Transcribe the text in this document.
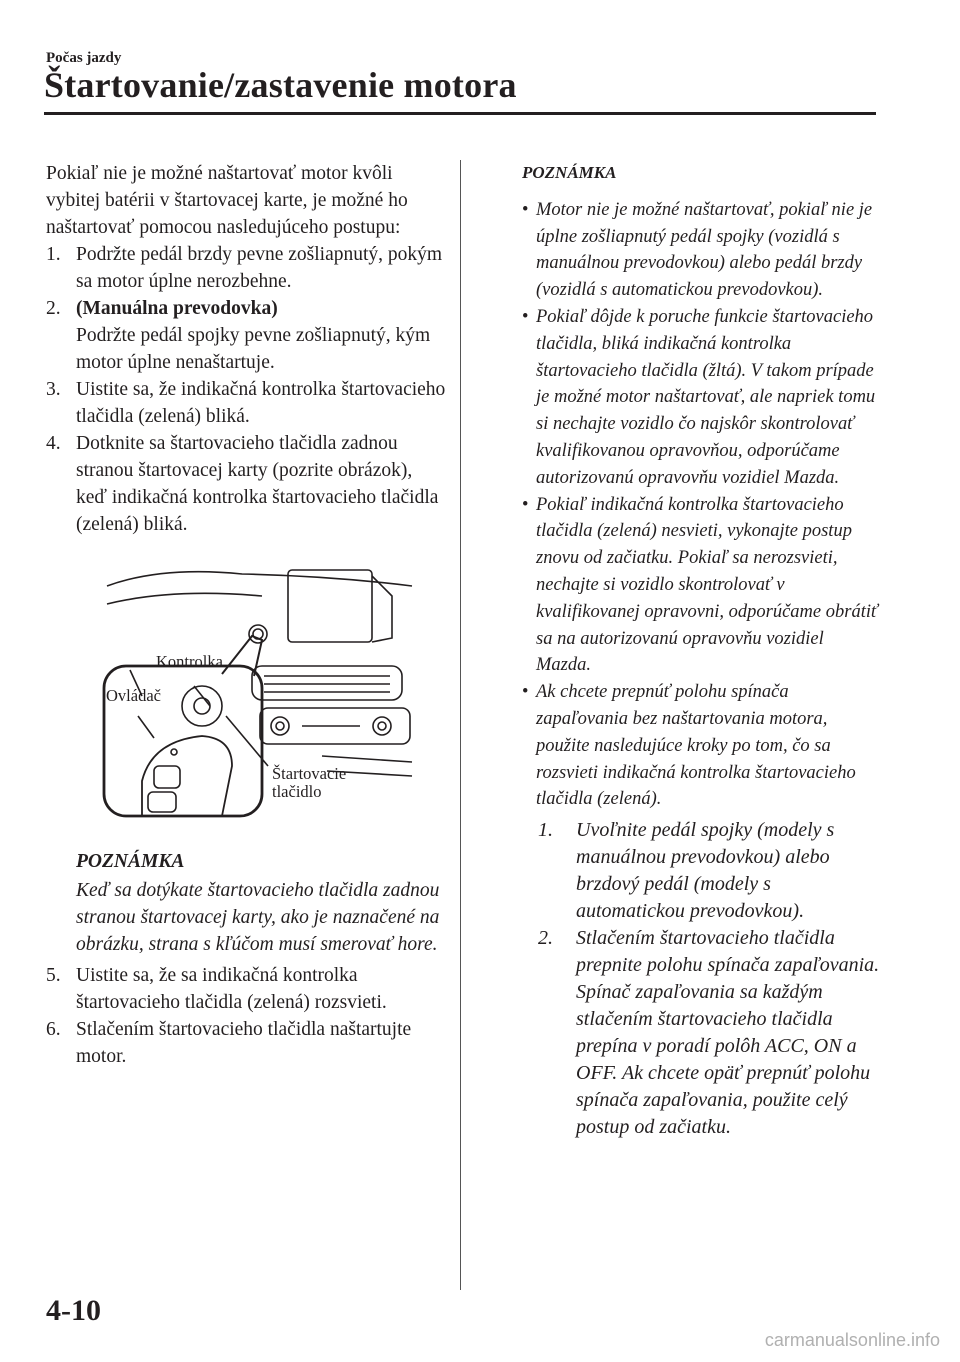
Počas jazdy
Štartovanie/zastavenie motora

Pokiaľ nie je možné naštartovať motor kvôli vybitej batérii v štartovacej karte, je možné ho naštartovať pomocou nasledujúceho postupu:

1. Podržte pedál brzdy pevne zošliapnutý, pokým sa motor úplne nerozbehne.
2. (Manuálna prevodovka)
Podržte pedál spojky pevne zošliapnutý, kým motor úplne nenaštartuje.
3. Uistite sa, že indikačná kontrolka štartovacieho tlačidla (zelená) bliká.
4. Dotknite sa štartovacieho tlačidla zadnou stranou štartovacej karty (pozrite obrázok), keď indikačná kontrolka štartovacieho tlačidla (zelená) bliká.
Kontrolka
Ovládač
Štartovacie
tlačidlo
POZNÁMKA

Keď sa dotýkate štartovacieho tlačidla zadnou stranou štartovacej karty, ako je naznačené na obrázku, strana s kľúčom musí smerovať hore.

5. Uistite sa, že sa indikačná kontrolka štartovacieho tlačidla (zelená) rozsvieti.
6. Stlačením štartovacieho tlačidla naštartujte motor.
POZNÁMKA
• Motor nie je možné naštartovať, pokiaľ nie je úplne zošliapnutý pedál spojky (vozidlá s manuálnou prevodovkou) alebo pedál brzdy (vozidlá s automatickou prevodovkou).
• Pokiaľ dôjde k poruche funkcie štartovacieho tlačidla, bliká indikačná kontrolka štartovacieho tlačidla (žltá). V takom prípade je možné motor naštartovať, ale napriek tomu si nechajte vozidlo čo najskôr skontrolovať kvalifikovanou opravovňou, odporúčame autorizovanú opravovňu vozidiel Mazda.
• Pokiaľ indikačná kontrolka štartovacieho tlačidla (zelená) nesvieti, vykonajte postup znovu od začiatku. Pokiaľ sa nerozsvieti, nechajte si vozidlo skontrolovať v kvalifikovanej opravovni, odporúčame obrátiť sa na autorizovanú opravovňu vozidiel Mazda.
• Ak chcete prepnúť polohu spínača zapaľovania bez naštartovania motora, použite nasledujúce kroky po tom, čo sa rozsvieti indikačná kontrolka štartovacieho tlačidla (zelená).
1. Uvoľnite pedál spojky (modely s manuálnou prevodovkou) alebo brzdový pedál (modely s automatickou prevodovkou).
2. Stlačením štartovacieho tlačidla prepnite polohu spínača zapaľovania. Spínač zapaľovania sa každým stlačením štartovacieho tlačidla prepína v poradí polôh ACC, ON a OFF. Ak chcete opäť prepnúť polohu spínača zapaľovania, použite celý postup od začiatku.
4-10
carmanualsonline.info
